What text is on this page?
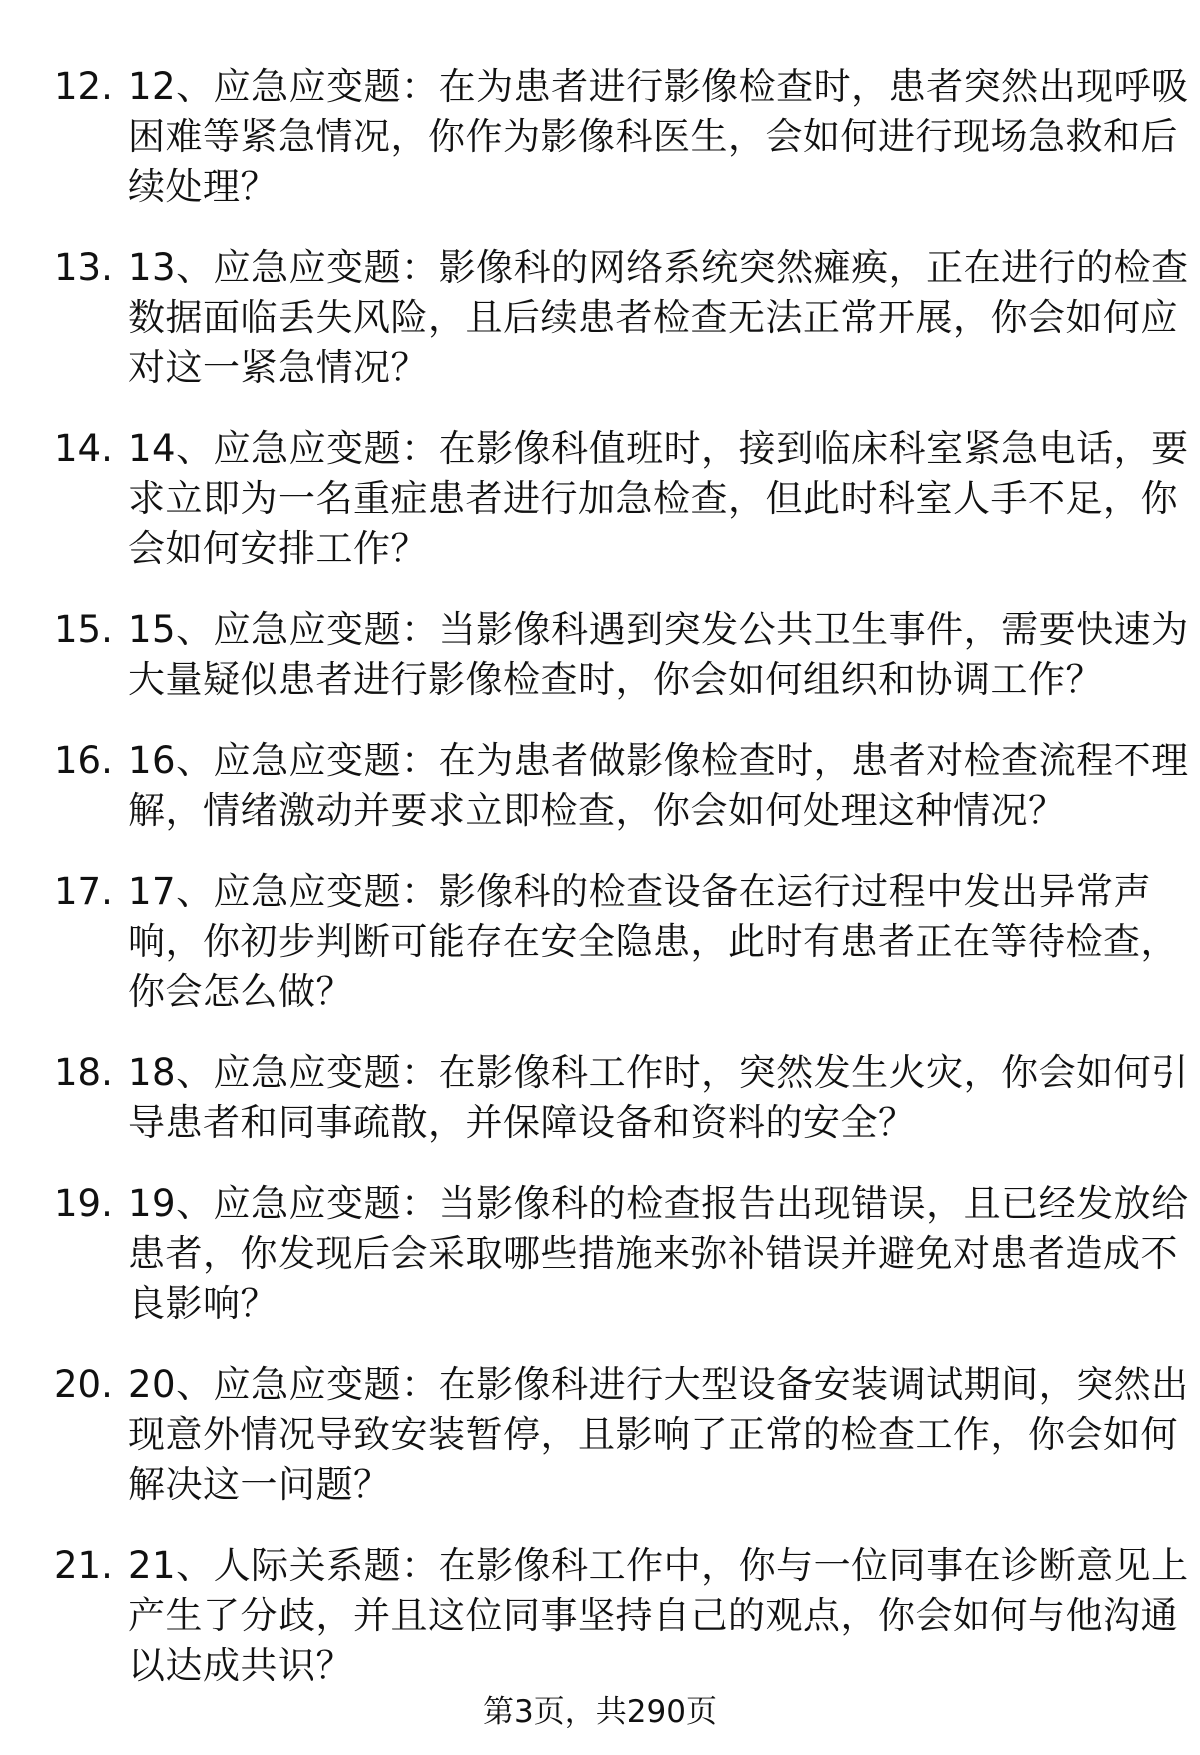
12. 12、应急应变题：在为患者进行影像检查时，患者突然出现呼吸
困难等紧急情况，你作为影像科医生，会如何进行现场急救和后
续处理？
13. 13、应急应变题：影像科的网络系统突然瘫痪，正在进行的检查
数据面临丢失风险，且后续患者检查无法正常开展，你会如何应
对这一紧急情况？
14. 14、应急应变题：在影像科值班时，接到临床科室紧急电话，要
求立即为一名重症患者进行加急检查，但此时科室人手不足，你
会如何安排工作？
15. 15、应急应变题：当影像科遇到突发公共卫生事件，需要快速为
大量疑似患者进行影像检查时，你会如何组织和协调工作？
16. 16、应急应变题：在为患者做影像检查时，患者对检查流程不理
解，情绪激动并要求立即检查，你会如何处理这种情况？
17. 17、应急应变题：影像科的检查设备在运行过程中发出异常声
响，你初步判断可能存在安全隐患，此时有患者正在等待检查，
你会怎么做？
18. 18、应急应变题：在影像科工作时，突然发生火灾，你会如何引
导患者和同事疏散，并保障设备和资料的安全？
19. 19、应急应变题：当影像科的检查报告出现错误，且已经发放给
患者，你发现后会采取哪些措施来弥补错误并避免对患者造成不
良影响？
20. 20、应急应变题：在影像科进行大型设备安装调试期间，突然出
现意外情况导致安装暂停，且影响了正常的检查工作，你会如何
解决这一问题？
21. 21、人际关系题：在影像科工作中，你与一位同事在诊断意见上
产生了分歧，并且这位同事坚持自己的观点，你会如何与他沟通
以达成共识？
第3页，共290页
